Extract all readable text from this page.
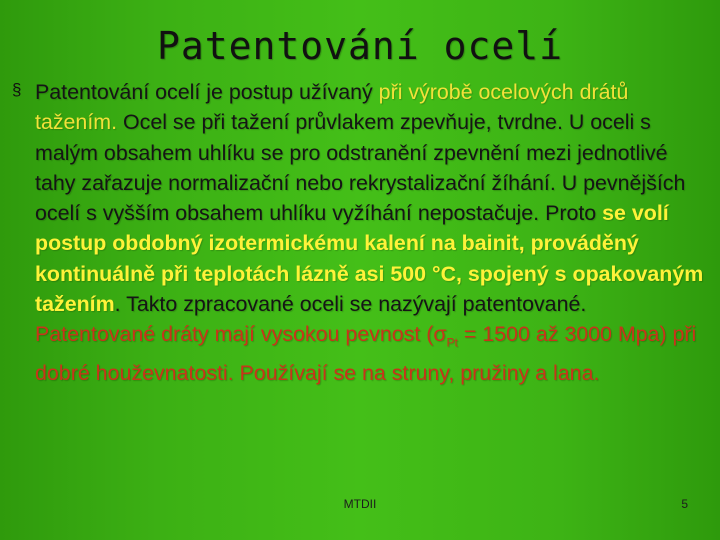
Patentování ocelí
§ Patentování ocelí je postup užívaný při výrobě ocelových drátů tažením. Ocel se při tažení průvlakem zpevňuje, tvrdne. U oceli s malým obsahem uhlíku se pro odstranění zpevnění mezi jednotlivé tahy zařazuje normalizační nebo rekrystalizační žíhání. U pevnějších ocelí s vyšším obsahem uhlíku vyžíhání nepostačuje. Proto se volí postup obdobný izotermickému kalení na bainit, prováděný kontinuálně při teplotách lázně asi 500 °C, spojený s opakovaným tažením. Takto zpracované oceli se nazývají patentované. Patentované dráty mají vysokou pevnost ($\sigma_{Pt} = 1500$ až 3000 Mpa) při dobré houževnatosti. Používají se na struny, pružiny a lana.

MTDII	5
